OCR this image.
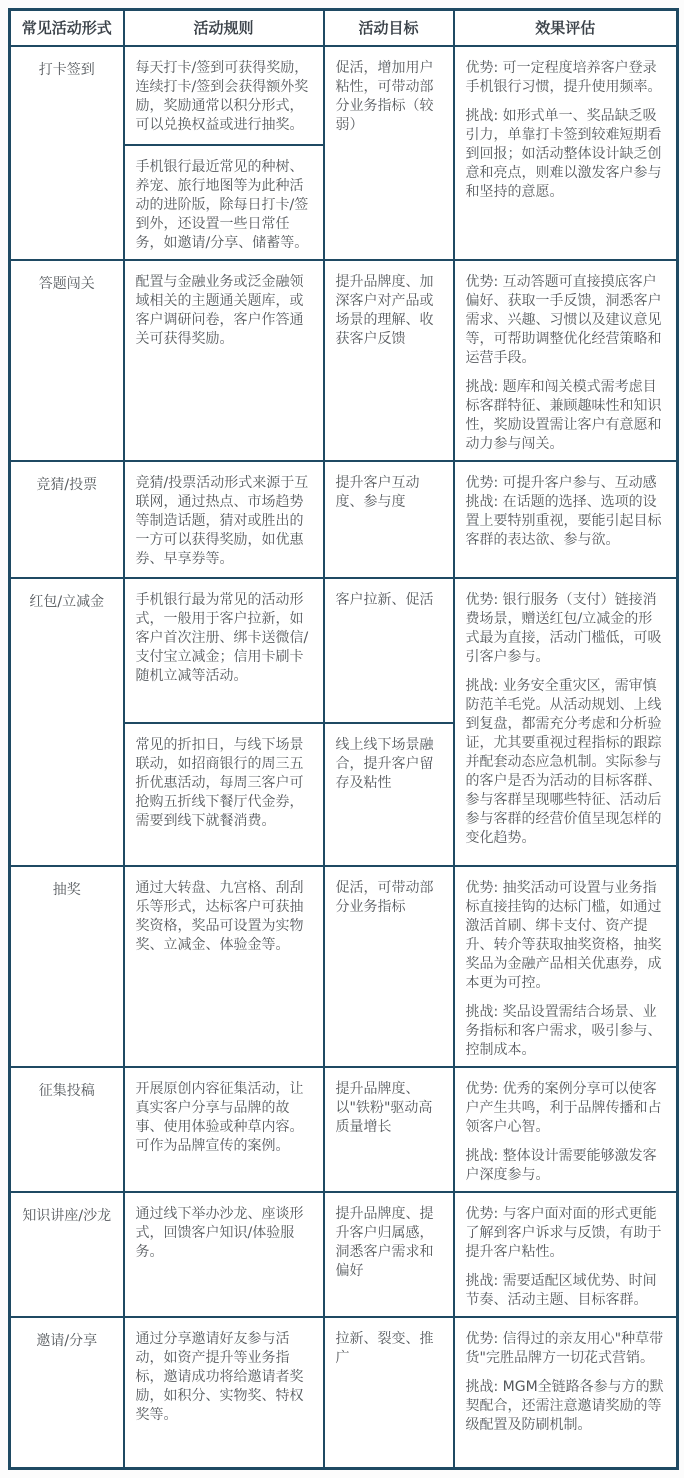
常见活动形式	活动规则	活动目标	效果评估
打卡签到	每天打卡/签到可获得奖励，连续打卡/签到会获得额外奖励，奖励通常以积分形式，可以兑换权益或进行抽奖。	促活，增加用户粘性，可带动部分业务指标（较弱）	优势: 可一定程度培养客户登录手机银行习惯，提升使用频率。

挑战: 如形式单一、奖品缺乏吸引力，单靠打卡签到较难短期看到回报；如活动整体设计缺乏创意和亮点，则难以激发客户参与和坚持的意愿。

	手机银行最近常见的种树、养宠、旅行地图等为此种活动的进阶版，除每日打卡/签到外，还设置一些日常任务，如邀请/分享、储蓄等。		

答题闯关	配置与金融业务或泛金融领域相关的主题通关题库，或客户调研问卷，客户作答通关可获得奖励。	提升品牌度、加深客户对产品或场景的理解、收获客户反馈	优势: 互动答题可直接摸底客户偏好、获取一手反馈，洞悉客户需求、兴趣、习惯以及建议意见等，可帮助调整优化经营策略和运营手段。

挑战: 题库和闯关模式需考虑目标客群特征、兼顾趣味性和知识性，奖励设置需让客户有意愿和动力参与闯关。

竞猜/投票	竞猜/投票活动形式来源于互联网，通过热点、市场趋势等制造话题，猜对或胜出的一方可以获得奖励，如优惠券、早享券等。	提升客户互动度、参与度	优势: 可提升客户参与、互动感

挑战: 在话题的选择、选项的设置上要特别重视，要能引起目标客群的表达欲、参与欲。

红包/立减金	手机银行最为常见的活动形式，一般用于客户拉新，如客户首次注册、绑卡送微信/支付宝立减金；信用卡刷卡随机立减等活动。	客户拉新、促活	优势: 银行服务（支付）链接消费场景，赠送红包/立减金的形式最为直接，活动门槛低，可吸引客户参与。

挑战: 业务安全重灾区，需审慎防范羊毛党。从活动规划、上线到复盘，都需充分考虑和分析验证，尤其要重视过程指标的跟踪并配套动态应急机制。实际参与的客户是否为活动的目标客群、参与客群呈现哪些特征、活动后参与客群的经营价值呈现怎样的变化趋势。

	常见的折扣日，与线下场景联动，如招商银行的周三五折优惠活动，每周三客户可抢购五折线下餐厅代金券，需要到线下就餐消费。	线上线下场景融合，提升客户留存及粘性	

抽奖	通过大转盘、九宫格、刮刮乐等形式，达标客户可获抽奖资格，奖品可设置为实物奖、立减金、体验金等。	促活，可带动部分业务指标	优势: 抽奖活动可设置与业务指标直接挂钩的达标门槛，如通过激活首刷、绑卡支付、资产提升、转介等获取抽奖资格，抽奖奖品为金融产品相关优惠券，成本更为可控。

挑战: 奖品设置需结合场景、业务指标和客户需求，吸引参与、控制成本。

征集投稿	开展原创内容征集活动，让真实客户分享与品牌的故事、使用体验或种草内容。可作为品牌宣传的案例。	提升品牌度、以"铁粉"驱动高质量增长	优势: 优秀的案例分享可以使客户产生共鸣，利于品牌传播和占领客户心智。

挑战: 整体设计需要能够激发客户深度参与。

知识讲座/沙龙	通过线下举办沙龙、座谈形式，回馈客户知识/体验服务。	提升品牌度、提升客户归属感，洞悉客户需求和偏好	优势: 与客户面对面的形式更能了解到客户诉求与反馈，有助于提升客户粘性。

挑战: 需要适配区域优势、时间节奏、活动主题、目标客群。

邀请/分享	通过分享邀请好友参与活动，如资产提升等业务指标，邀请成功将给邀请者奖励，如积分、实物奖、特权奖等。	拉新、裂变、推广	优势: 信得过的亲友用心"种草带货"完胜品牌方一切花式营销。

挑战: MGM全链路各参与方的默契配合，还需注意邀请奖励的等级配置及防刷机制。
